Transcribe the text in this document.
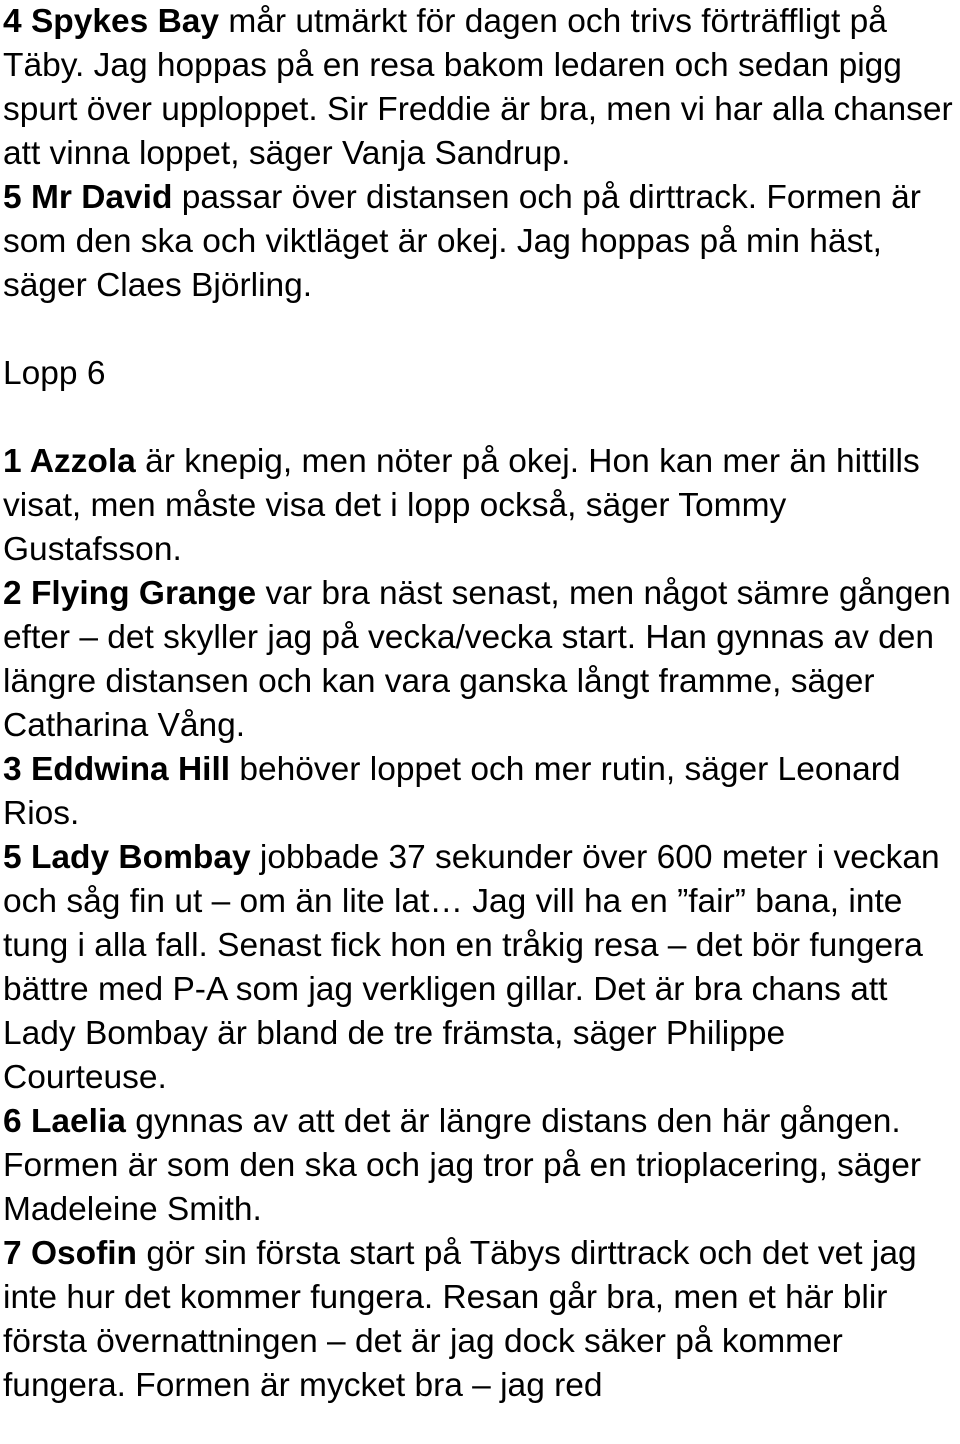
4 Spykes Bay mår utmärkt för dagen och trivs förträffligt på Täby. Jag hoppas på en resa bakom ledaren och sedan pigg spurt över upploppet. Sir Freddie är bra, men vi har alla chanser att vinna loppet, säger Vanja Sandrup.

5 Mr David passar över distansen och på dirttrack. Formen är som den ska och viktläget är okej. Jag hoppas på min häst, säger Claes Björling.

Lopp 6

1 Azzola är knepig, men nöter på okej. Hon kan mer än hittills visat, men måste visa det i lopp också, säger Tommy Gustafsson.

2 Flying Grange var bra näst senast, men något sämre gången efter – det skyller jag på vecka/vecka start. Han gynnas av den längre distansen och kan vara ganska långt framme, säger Catharina Vång.

3 Eddwina Hill behöver loppet och mer rutin, säger Leonard Rios.

5 Lady Bombay jobbade 37 sekunder över 600 meter i veckan och såg fin ut – om än lite lat… Jag vill ha en ”fair” bana, inte tung i alla fall. Senast fick hon en tråkig resa – det bör fungera bättre med P-A som jag verkligen gillar. Det är bra chans att Lady Bombay är bland de tre främsta, säger Philippe Courteuse.

6 Laelia gynnas av att det är längre distans den här gången. Formen är som den ska och jag tror på en trioplacering, säger Madeleine Smith.

7 Osofin gör sin första start på Täbys dirttrack och det vet jag inte hur det kommer fungera. Resan går bra, men et här blir första övernattningen – det är jag dock säker på kommer fungera. Formen är mycket bra – jag red
